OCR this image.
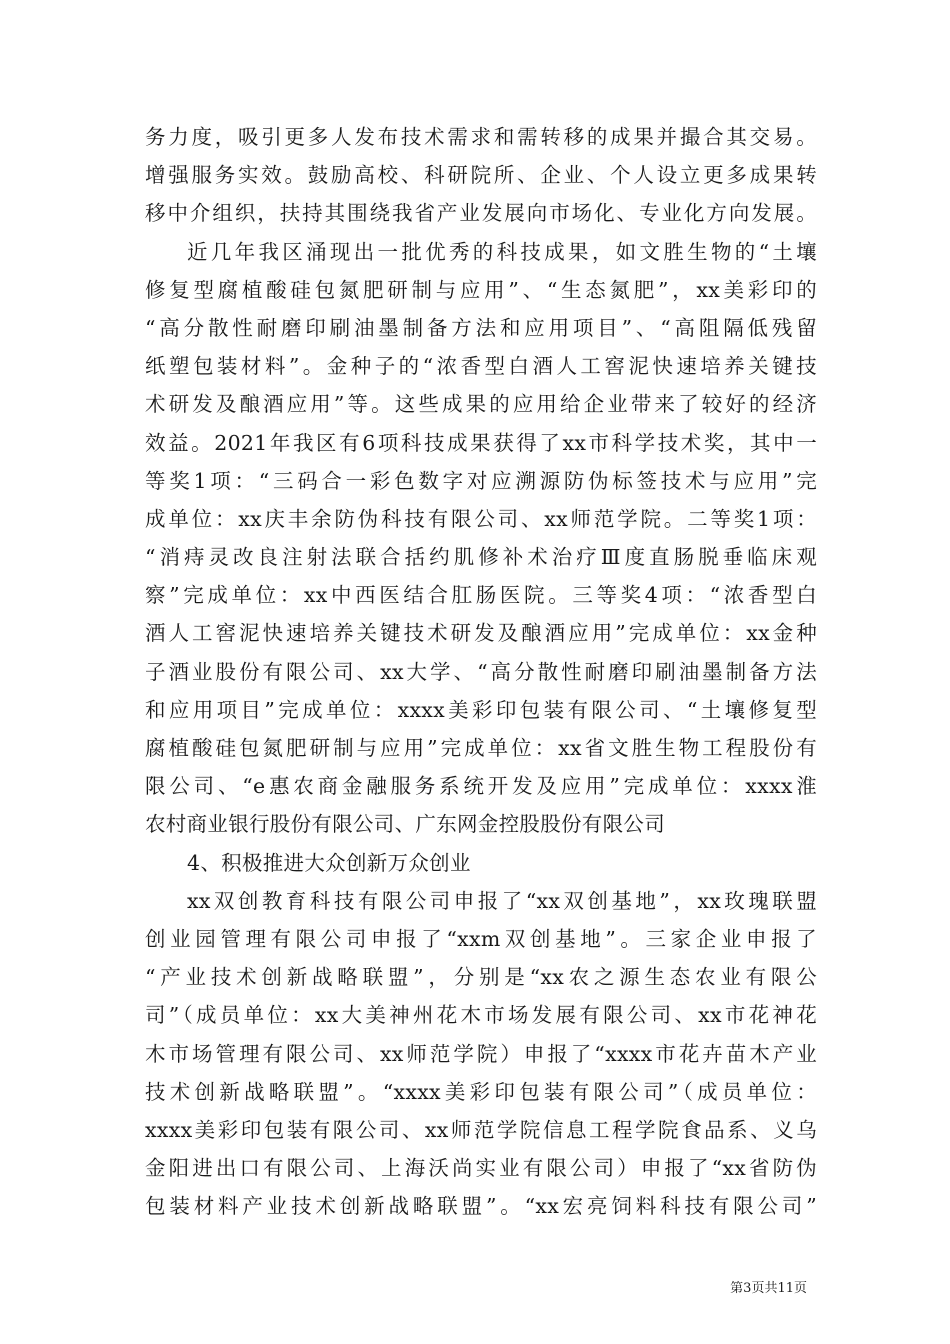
务力度，吸引更多人发布技术需求和需转移的成果并撮合其交易。
增强服务实效。鼓励高校、科研院所、企业、个人设立更多成果转
移中介组织，扶持其围绕我省产业发展向市场化、专业化方向发展。
近几年我区涌现出一批优秀的科技成果，如文胜生物的“土壤
修复型腐植酸硅包氮肥研制与应用”、“生态氮肥”，xx美彩印的
“高分散性耐磨印刷油墨制备方法和应用项目”、“高阻隔低残留
纸塑包装材料”。金种子的“浓香型白酒人工窖泥快速培养关键技
术研发及酿酒应用”等。这些成果的应用给企业带来了较好的经济
效益。2021年我区有6项科技成果获得了xx市科学技术奖，其中一
等奖1项：“三码合一彩色数字对应溯源防伪标签技术与应用”完
成单位：xx庆丰余防伪科技有限公司、xx师范学院。二等奖1项：
“消痔灵改良注射法联合括约肌修补术治疗Ⅲ度直肠脱垂临床观
察”完成单位：xx中西医结合肛肠医院。三等奖4项：“浓香型白
酒人工窖泥快速培养关键技术研发及酿酒应用”完成单位：xx金种
子酒业股份有限公司、xx大学、“高分散性耐磨印刷油墨制备方法
和应用项目”完成单位：xxxx美彩印包装有限公司、“土壤修复型
腐植酸硅包氮肥研制与应用”完成单位：xx省文胜生物工程股份有
限公司、“e惠农商金融服务系统开发及应用”完成单位：xxxx淮
农村商业银行股份有限公司、广东网金控股股份有限公司
4、积极推进大众创新万众创业
xx双创教育科技有限公司申报了“xx双创基地”，xx玫瑰联盟
创业园管理有限公司申报了“xxm双创基地”。三家企业申报了
“产业技术创新战略联盟”，分别是“xx农之源生态农业有限公
司”（成员单位：xx大美神州花木市场发展有限公司、xx市花神花
木市场管理有限公司、xx师范学院）申报了“xxxx市花卉苗木产业
技术创新战略联盟”。“xxxx美彩印包装有限公司”（成员单位：
xxxx美彩印包装有限公司、xx师范学院信息工程学院食品系、义乌
金阳进出口有限公司、上海沃尚实业有限公司）申报了“xx省防伪
包装材料产业技术创新战略联盟”。“xx宏亮饲料科技有限公司”
第3页共11页
